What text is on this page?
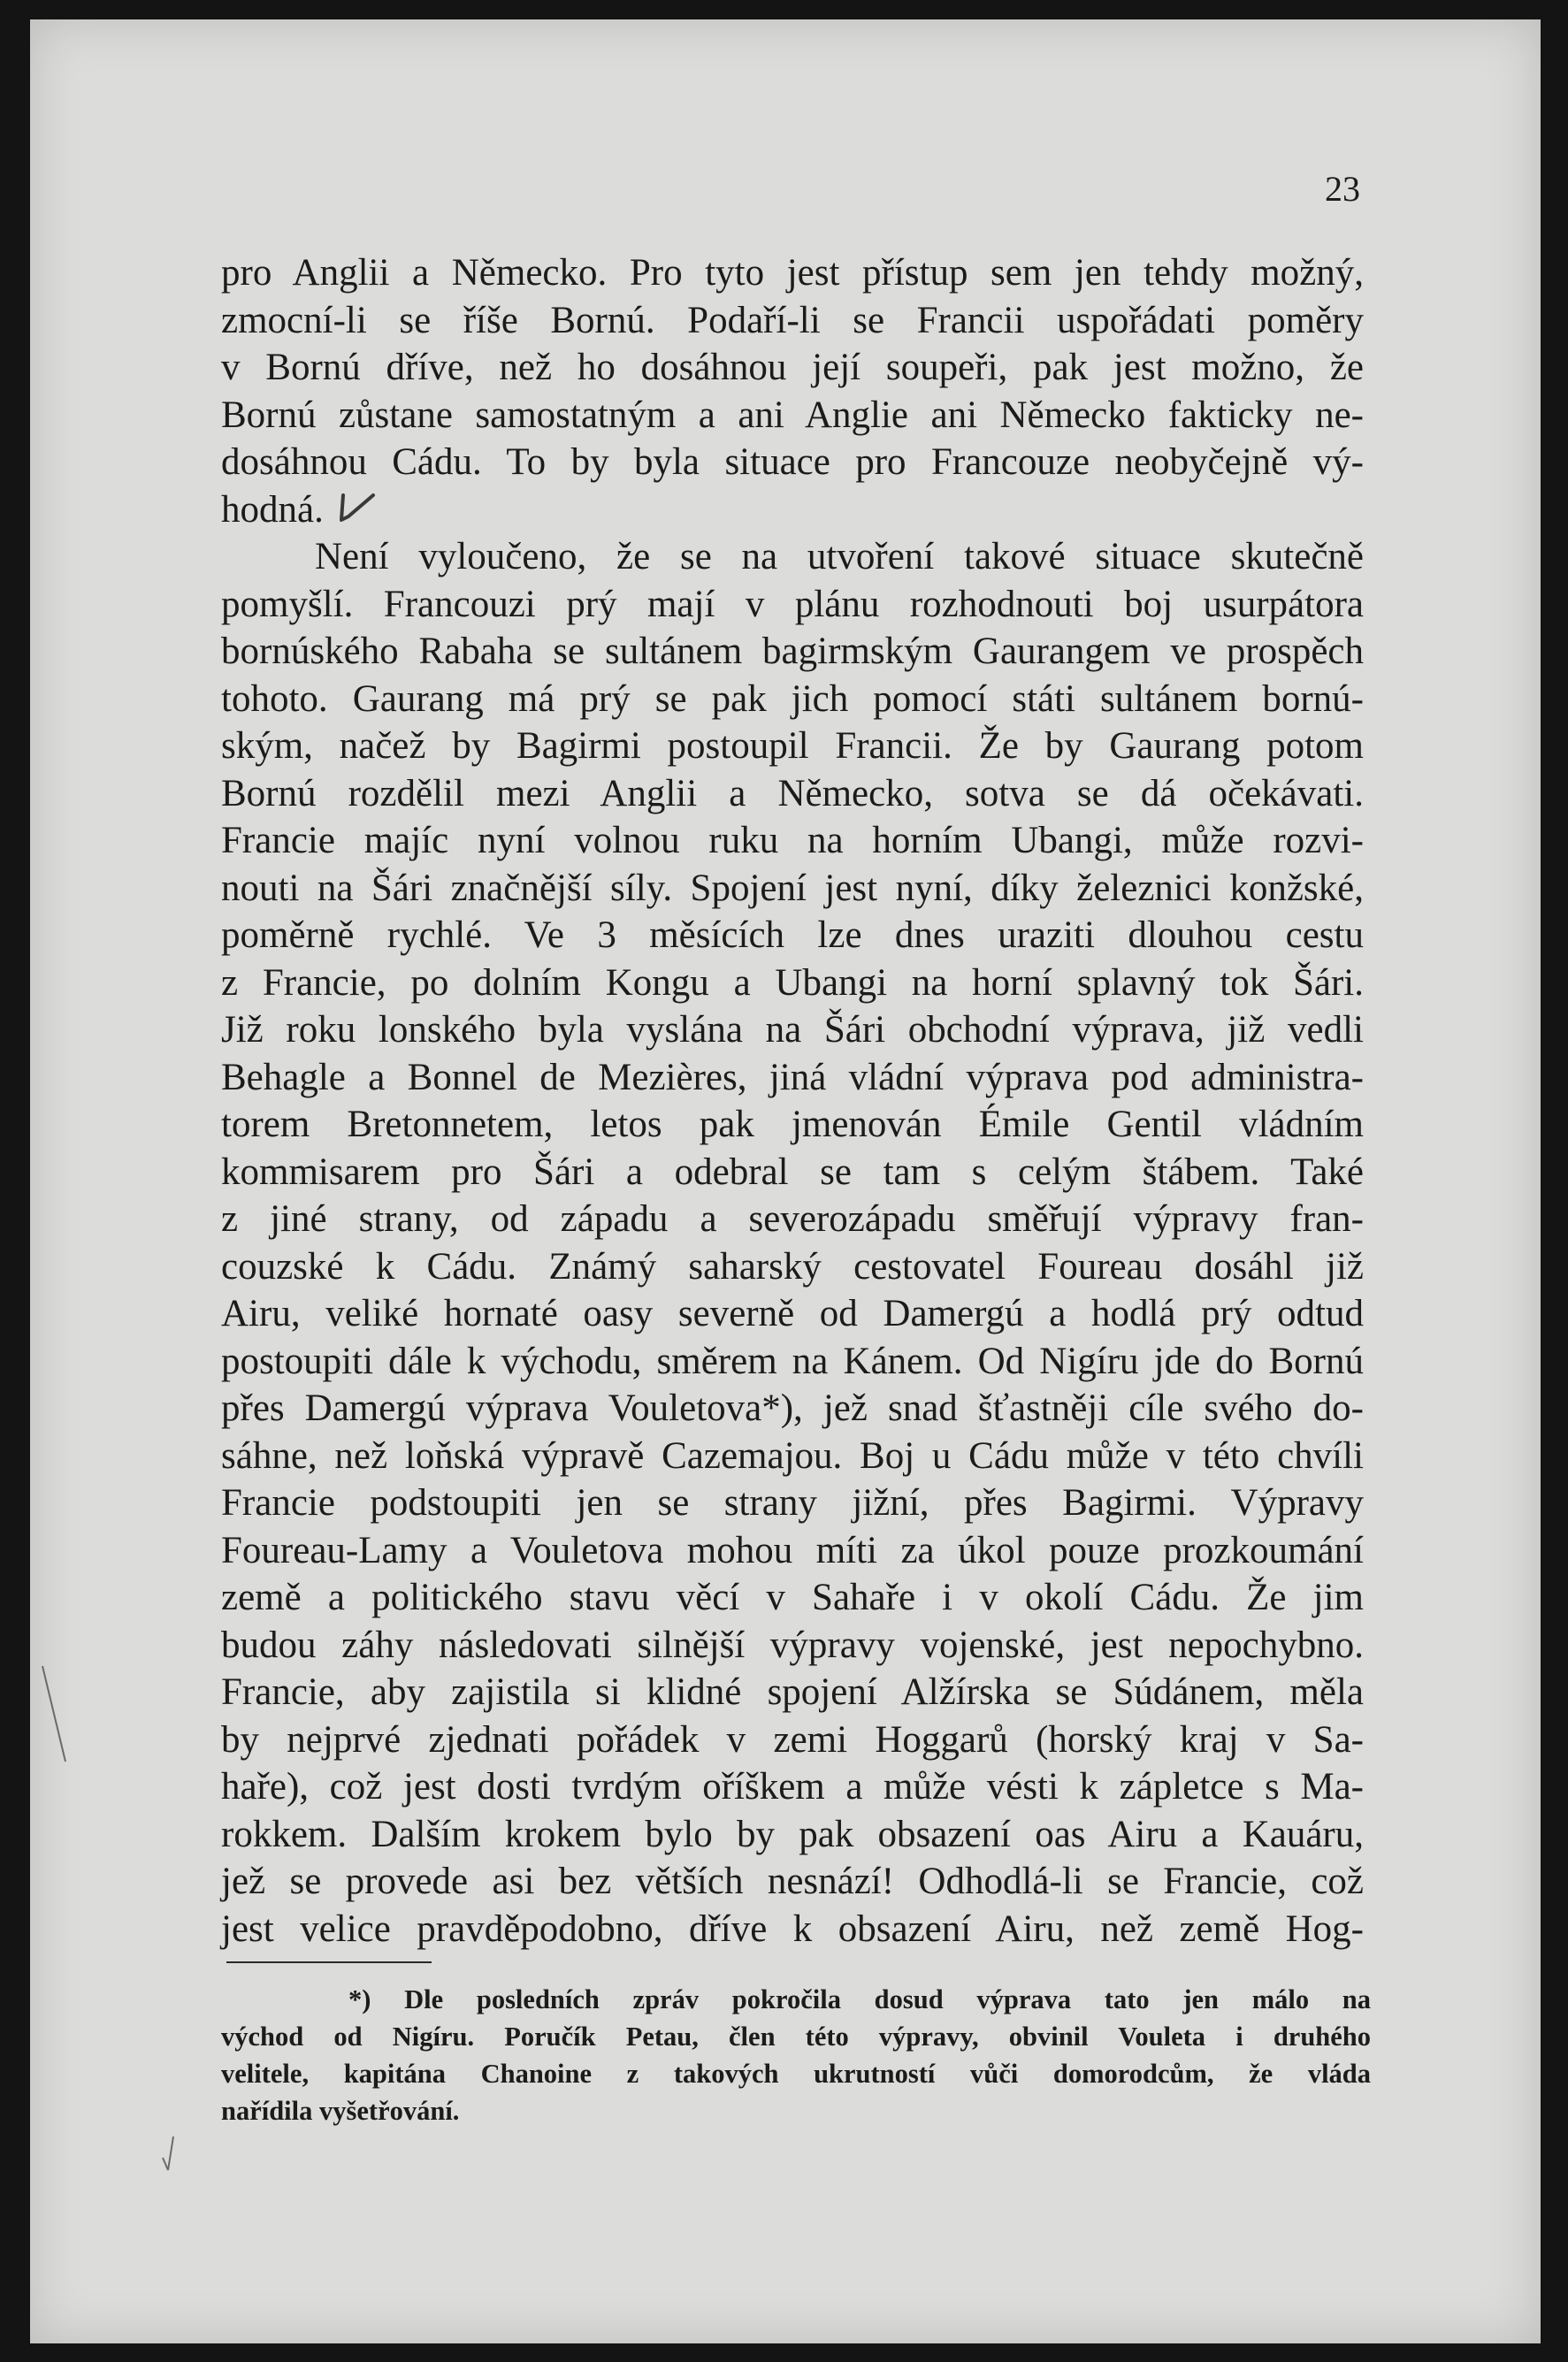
23
pro Anglii a Německo. Pro tyto jest přístup sem jen tehdy možný,
zmocní-li se říše Bornú. Podaří-li se Francii uspořádati poměry
v Bornú dříve, než ho dosáhnou její soupeři, pak jest možno, že
Bornú zůstane samostatným a ani Anglie ani Německo fakticky ne-
dosáhnou Cádu. To by byla situace pro Francouze neobyčejně vý-
hodná.
Není vyloučeno, že se na utvoření takové situace skutečně
pomyšlí. Francouzi prý mají v plánu rozhodnouti boj usurpátora
bornúského Rabaha se sultánem bagirmským Gaurangem ve prospěch
tohoto. Gaurang má prý se pak jich pomocí státi sultánem bornú-
ským, načež by Bagirmi postoupil Francii. Že by Gaurang potom
Bornú rozdělil mezi Anglii a Německo, sotva se dá očekávati.
Francie majíc nyní volnou ruku na horním Ubangi, může rozvi-
nouti na Šári značnější síly. Spojení jest nyní, díky železnici konžské,
poměrně rychlé. Ve 3 měsících lze dnes uraziti dlouhou cestu
z Francie, po dolním Kongu a Ubangi na horní splavný tok Šári.
Již roku lonského byla vyslána na Šári obchodní výprava, již vedli
Behagle a Bonnel de Mezières, jiná vládní výprava pod administra-
torem Bretonnetem, letos pak jmenován Émile Gentil vládním
kommisarem pro Šári a odebral se tam s celým štábem. Také
z jiné strany, od západu a severozápadu směřují výpravy fran-
couzské k Cádu. Známý saharský cestovatel Foureau dosáhl již
Airu, veliké hornaté oasy severně od Damergú a hodlá prý odtud
postoupiti dále k východu, směrem na Kánem. Od Nigíru jde do Bornú
přes Damergú výprava Vouletova*), jež snad šťastněji cíle svého do-
sáhne, než loňská výpravě Cazemajou. Boj u Cádu může v této chvíli
Francie podstoupiti jen se strany jižní, přes Bagirmi. Výpravy
Foureau-Lamy a Vouletova mohou míti za úkol pouze prozkoumání
země a politického stavu věcí v Sahaře i v okolí Cádu. Že jim
budou záhy následovati silnější výpravy vojenské, jest nepochybno.
Francie, aby zajistila si klidné spojení Alžírska se Súdánem, měla
by nejprvé zjednati pořádek v zemi Hoggarů (horský kraj v Sa-
haře), což jest dosti tvrdým oříškem a může vésti k zápletce s Ma-
rokkem. Dalším krokem bylo by pak obsazení oas Airu a Kauáru,
jež se provede asi bez větších nesnází! Odhodlá-li se Francie, což
jest velice pravděpodobno, dříve k obsazení Airu, než země Hog-
*) Dle posledních zpráv pokročila dosud výprava tato jen málo na
východ od Nigíru. Poručík Petau, člen této výpravy, obvinil Vouleta i druhého
velitele, kapitána Chanoine z takových ukrutností vůči domorodcům, že vláda
nařídila vyšetřování.
